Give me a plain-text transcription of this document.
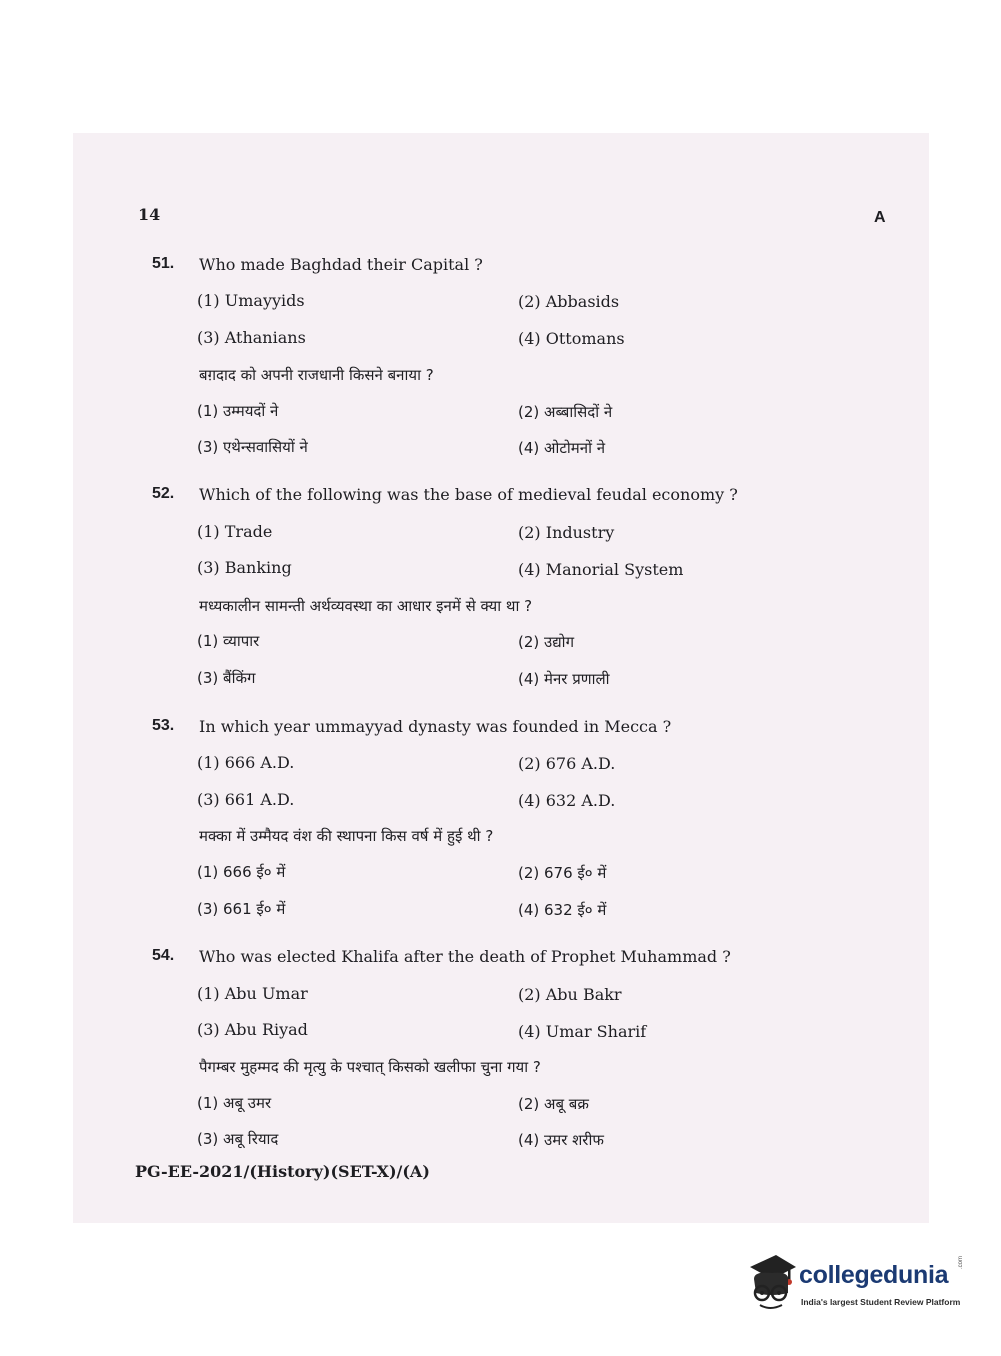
14	A
51. Who made Baghdad their Capital ?
(1) Umayyids	(2) Abbasids
(3) Athanians	(4) Ottomans
बग़दाद को अपनी राजधानी किसने बनाया ?
(1) उम्मयदों ने	(2) अब्बासिदों ने
(3) एथेन्सवासियों ने	(4) ओटोमनों ने
52. Which of the following was the base of medieval feudal economy ?
(1) Trade	(2) Industry
(3) Banking	(4) Manorial System
मध्यकालीन सामन्ती अर्थव्यवस्था का आधार इनमें से क्या था ?
(1) व्यापार	(2) उद्योग
(3) बैंकिंग	(4) मेनर प्रणाली
53. In which year ummayyad dynasty was founded in Mecca ?
(1) 666 A.D.	(2) 676 A.D.
(3) 661 A.D.	(4) 632 A.D.
मक्का में उम्मैयद वंश की स्थापना किस वर्ष में हुई थी ?
(1) 666 ई० में	(2) 676 ई० में
(3) 661 ई० में	(4) 632 ई० में
54. Who was elected Khalifa after the death of Prophet Muhammad ?
(1) Abu Umar	(2) Abu Bakr
(3) Abu Riyad	(4) Umar Sharif
पैगम्बर मुहम्मद की मृत्यु के पश्चात् किसको खलीफा चुना गया ?
(1) अबू उमर	(2) अबू बक्र
(3) अबू रियाद	(4) उमर शरीफ
PG-EE-2021/(History)(SET-X)/(A)
collegedunia .com
India's largest Student Review Platform
